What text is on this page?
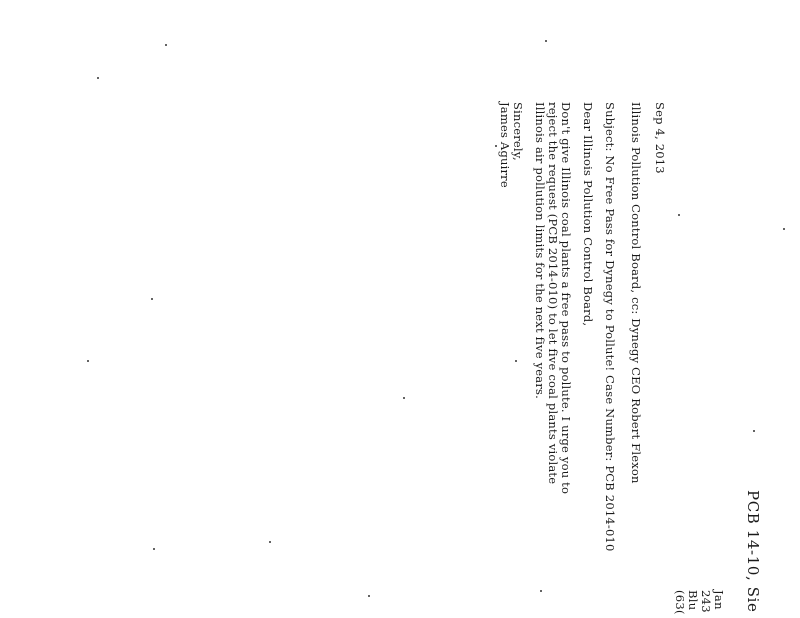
PCB 14-10, Sie
Jan
243
Blu
(63(
Sep 4, 2013
Illinois Pollution Control Board, cc: Dynegy CEO Robert Flexon
Subject: No Free Pass for Dynegy to Pollute! Case Number: PCB 2014-010
Dear Illinois Pollution Control Board,
Don't give Illinois coal plants a free pass to pollute. I urge you to
reject the request (PCB 2014-010) to let five coal plants violate
Illinois air pollution limits for the next five years.
Sincerely,
James Aguirre
